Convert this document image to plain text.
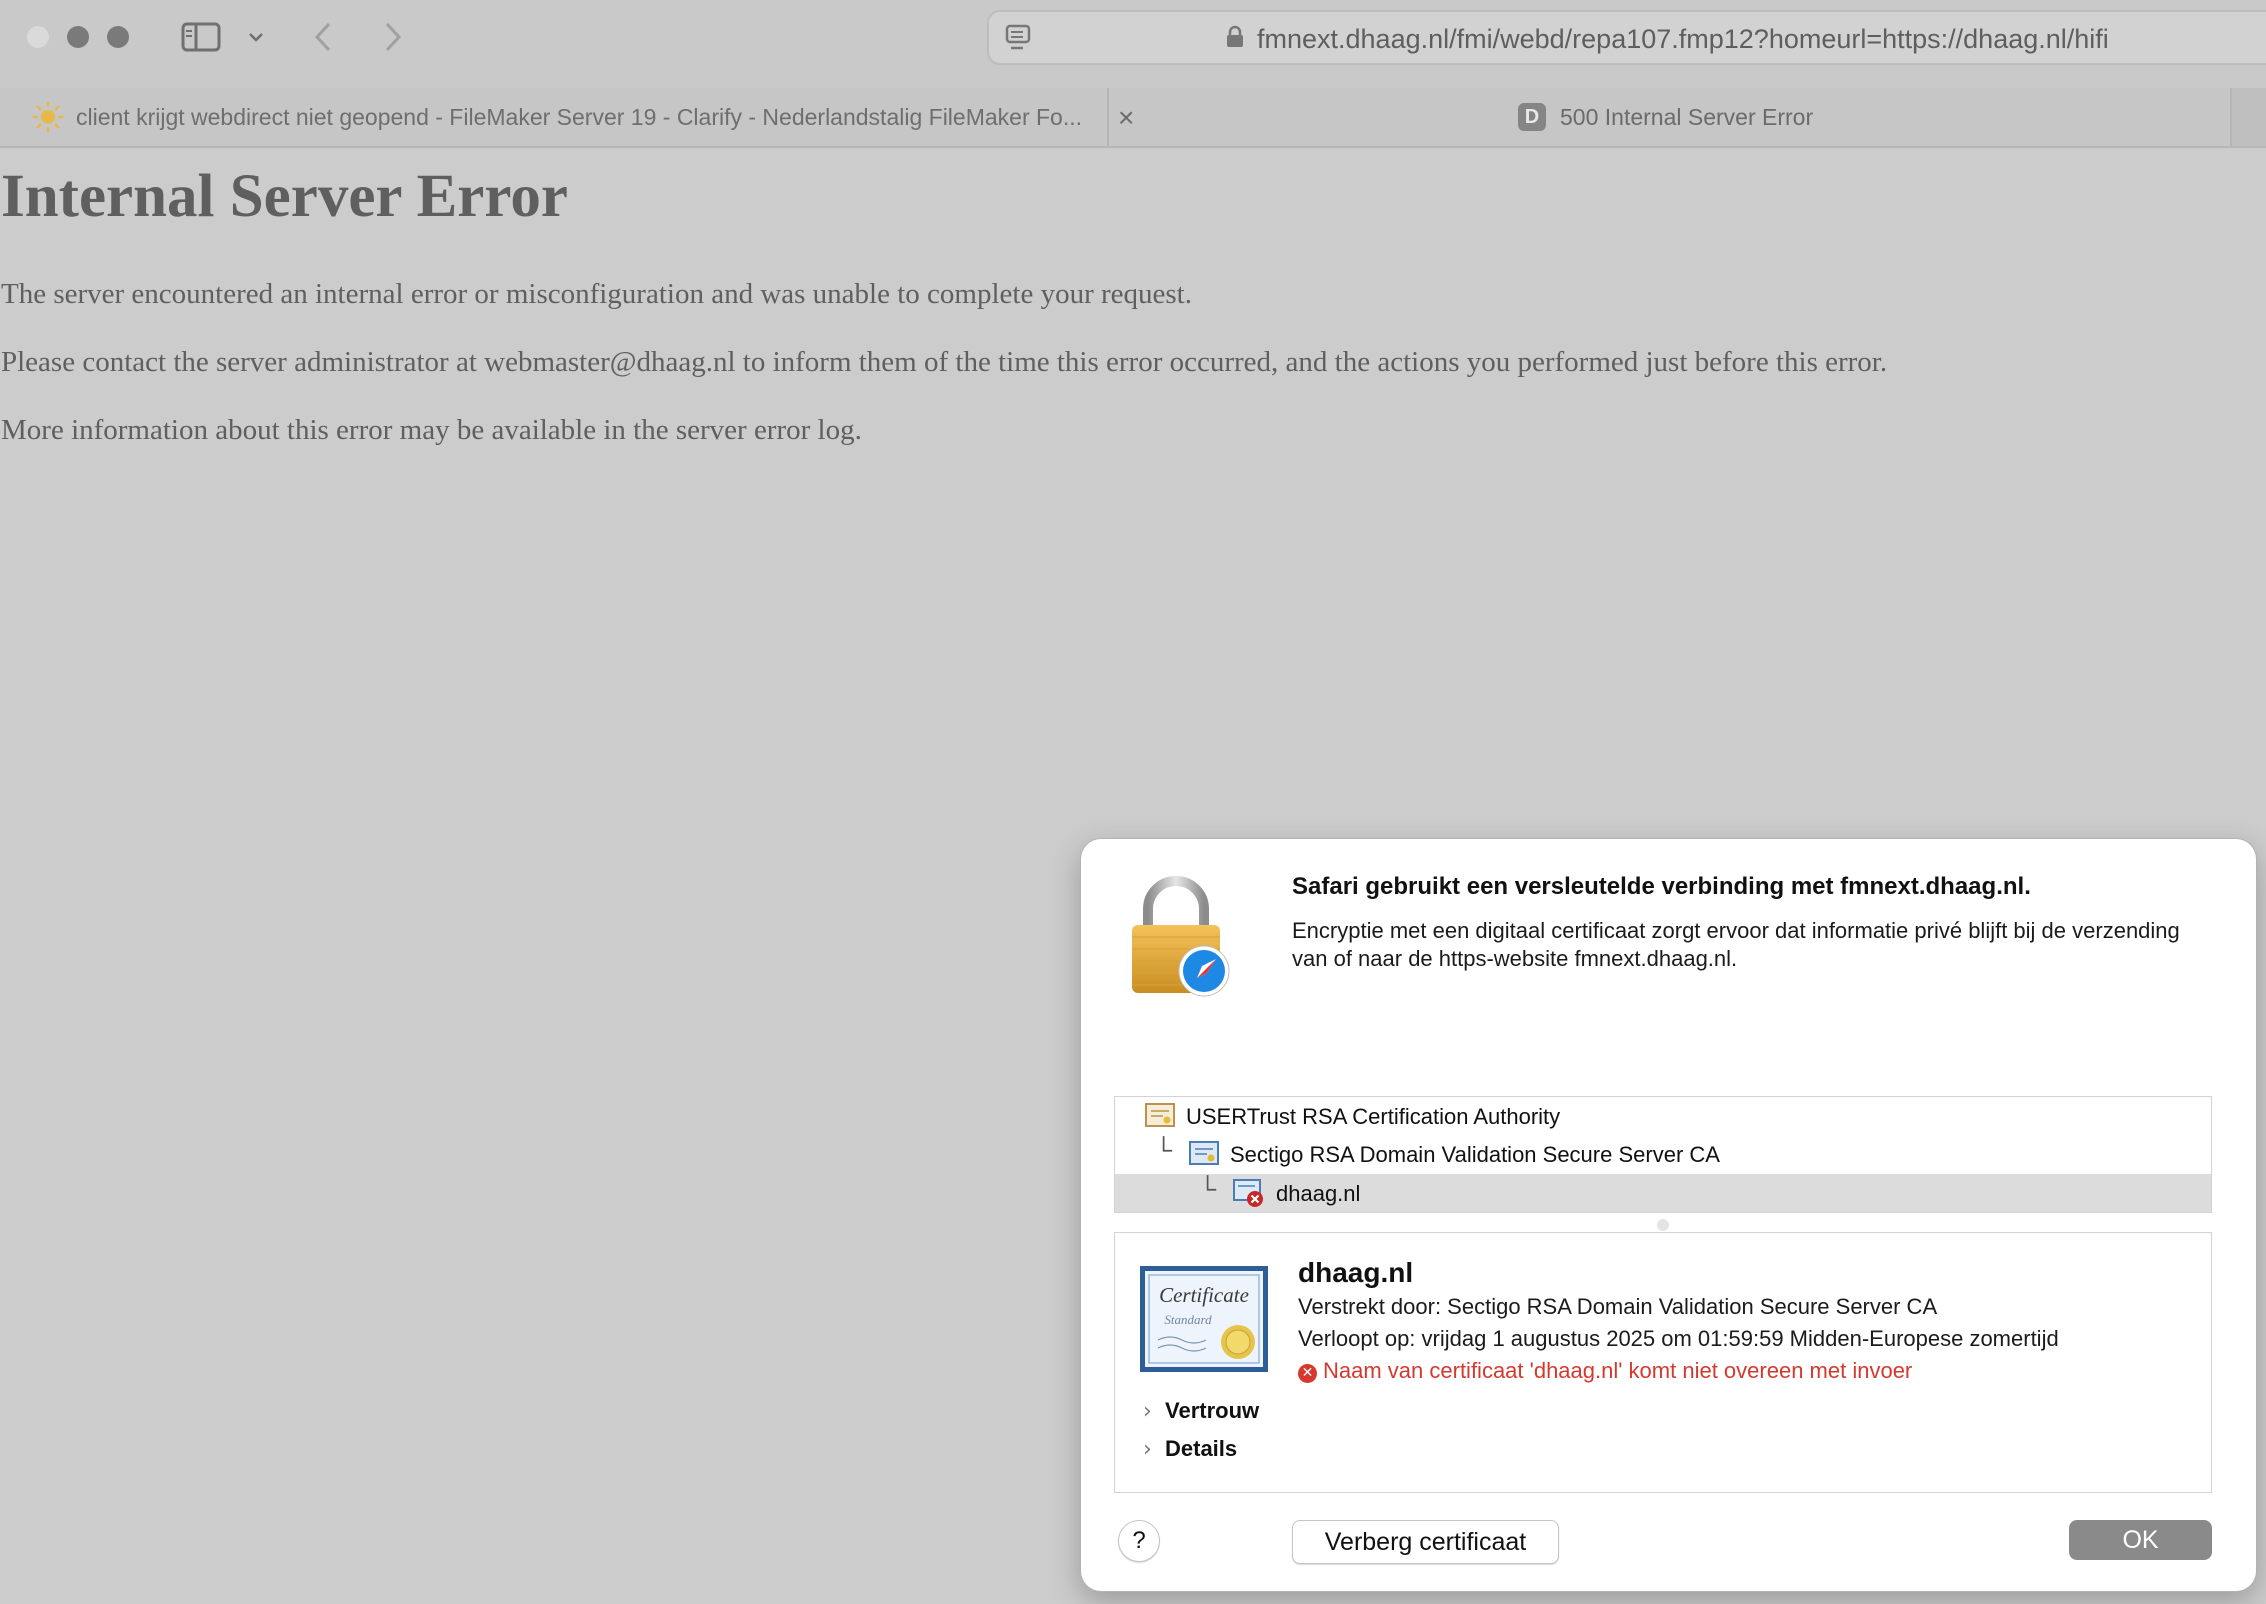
fmnext.dhaag.nl/fmi/webd/repa107.fmp12?homeurl=https://dhaag.nl/hifi
client krijgt webdirect niet geopend - FileMaker Server 19 - Clarify - Nederlandstalig FileMaker Fo... ×	D 500 Internal Server Error
Internal Server Error

The server encountered an internal error or misconfiguration and was unable to complete your request.

Please contact the server administrator at webmaster@dhaag.nl to inform them of the time this error occurred, and the actions you performed just before this error.

More information about this error may be available in the server error log.

Safari gebruikt een versleutelde verbinding met fmnext.dhaag.nl.
Encryptie met een digitaal certificaat zorgt ervoor dat informatie privé blijft bij de verzending van of naar de https-website fmnext.dhaag.nl.
USERTrust RSA Certification Authority
└	Sectigo RSA Domain Validation Secure Server CA
└	dhaag.nl
Certificate
Standard
dhaag.nl
Verstrekt door: Sectigo RSA Domain Validation Secure Server CA
Verloopt op: vrijdag 1 augustus 2025 om 01:59:59 Midden-Europese zomertijd
✕ Naam van certificaat 'dhaag.nl' komt niet overeen met invoer
› Vertrouw
› Details
?	Verberg certificaat	OK
